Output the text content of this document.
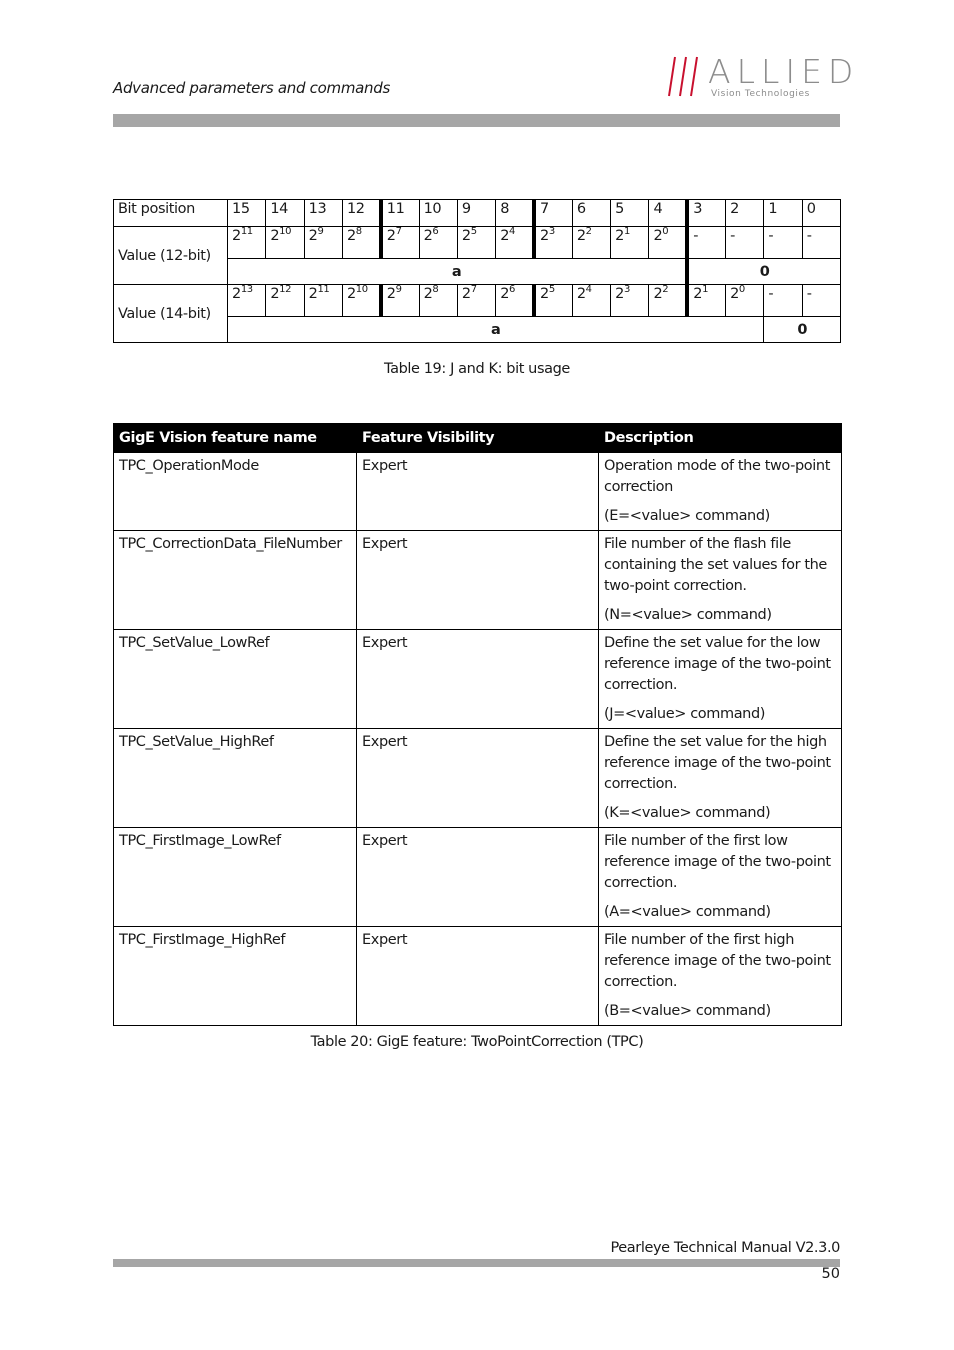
Advanced parameters and commands	ALLIED
Vision Technologies
Bit position	15	14	13	12	11	10	9	8	7	6	5	4	3	2	1	0
Value (12-bit)	$2^{11}$	$2^{10}$	$2^9$	$2^8$	$2^7$	$2^6$	$2^5$	$2^4$	$2^3$	$2^2$	$2^1$	$2^0$	-	-	-	-
	a												0			
Value (14-bit)	$2^{13}$	$2^{12}$	$2^{11}$	$2^{10}$	$2^9$	$2^8$	$2^7$	$2^6$	$2^5$	$2^4$	$2^3$	$2^2$	$2^1$	$2^0$	-	-
	a														0	
Table 19: J and K: bit usage
GigE Vision feature name	Feature Visibility	Description
TPC_OperationMode	Expert	Operation mode of the two-point correction

(E=<value> command)

TPC_CorrectionData_FileNumber	Expert	File number of the flash file containing the set values for the two-point correction.

(N=<value> command)

TPC_SetValue_LowRef	Expert	Define the set value for the low reference image of the two-point correction.

(J=<value> command)

TPC_SetValue_HighRef	Expert	Define the set value for the high reference image of the two-point correction.

(K=<value> command)

TPC_FirstImage_LowRef	Expert	File number of the first low reference image of the two-point correction.

(A=<value> command)

TPC_FirstImage_HighRef	Expert	File number of the first high reference image of the two-point correction.

(B=<value> command)

Table 20: GigE feature: TwoPointCorrection (TPC)
Pearleye Technical Manual V2.3.0
50
